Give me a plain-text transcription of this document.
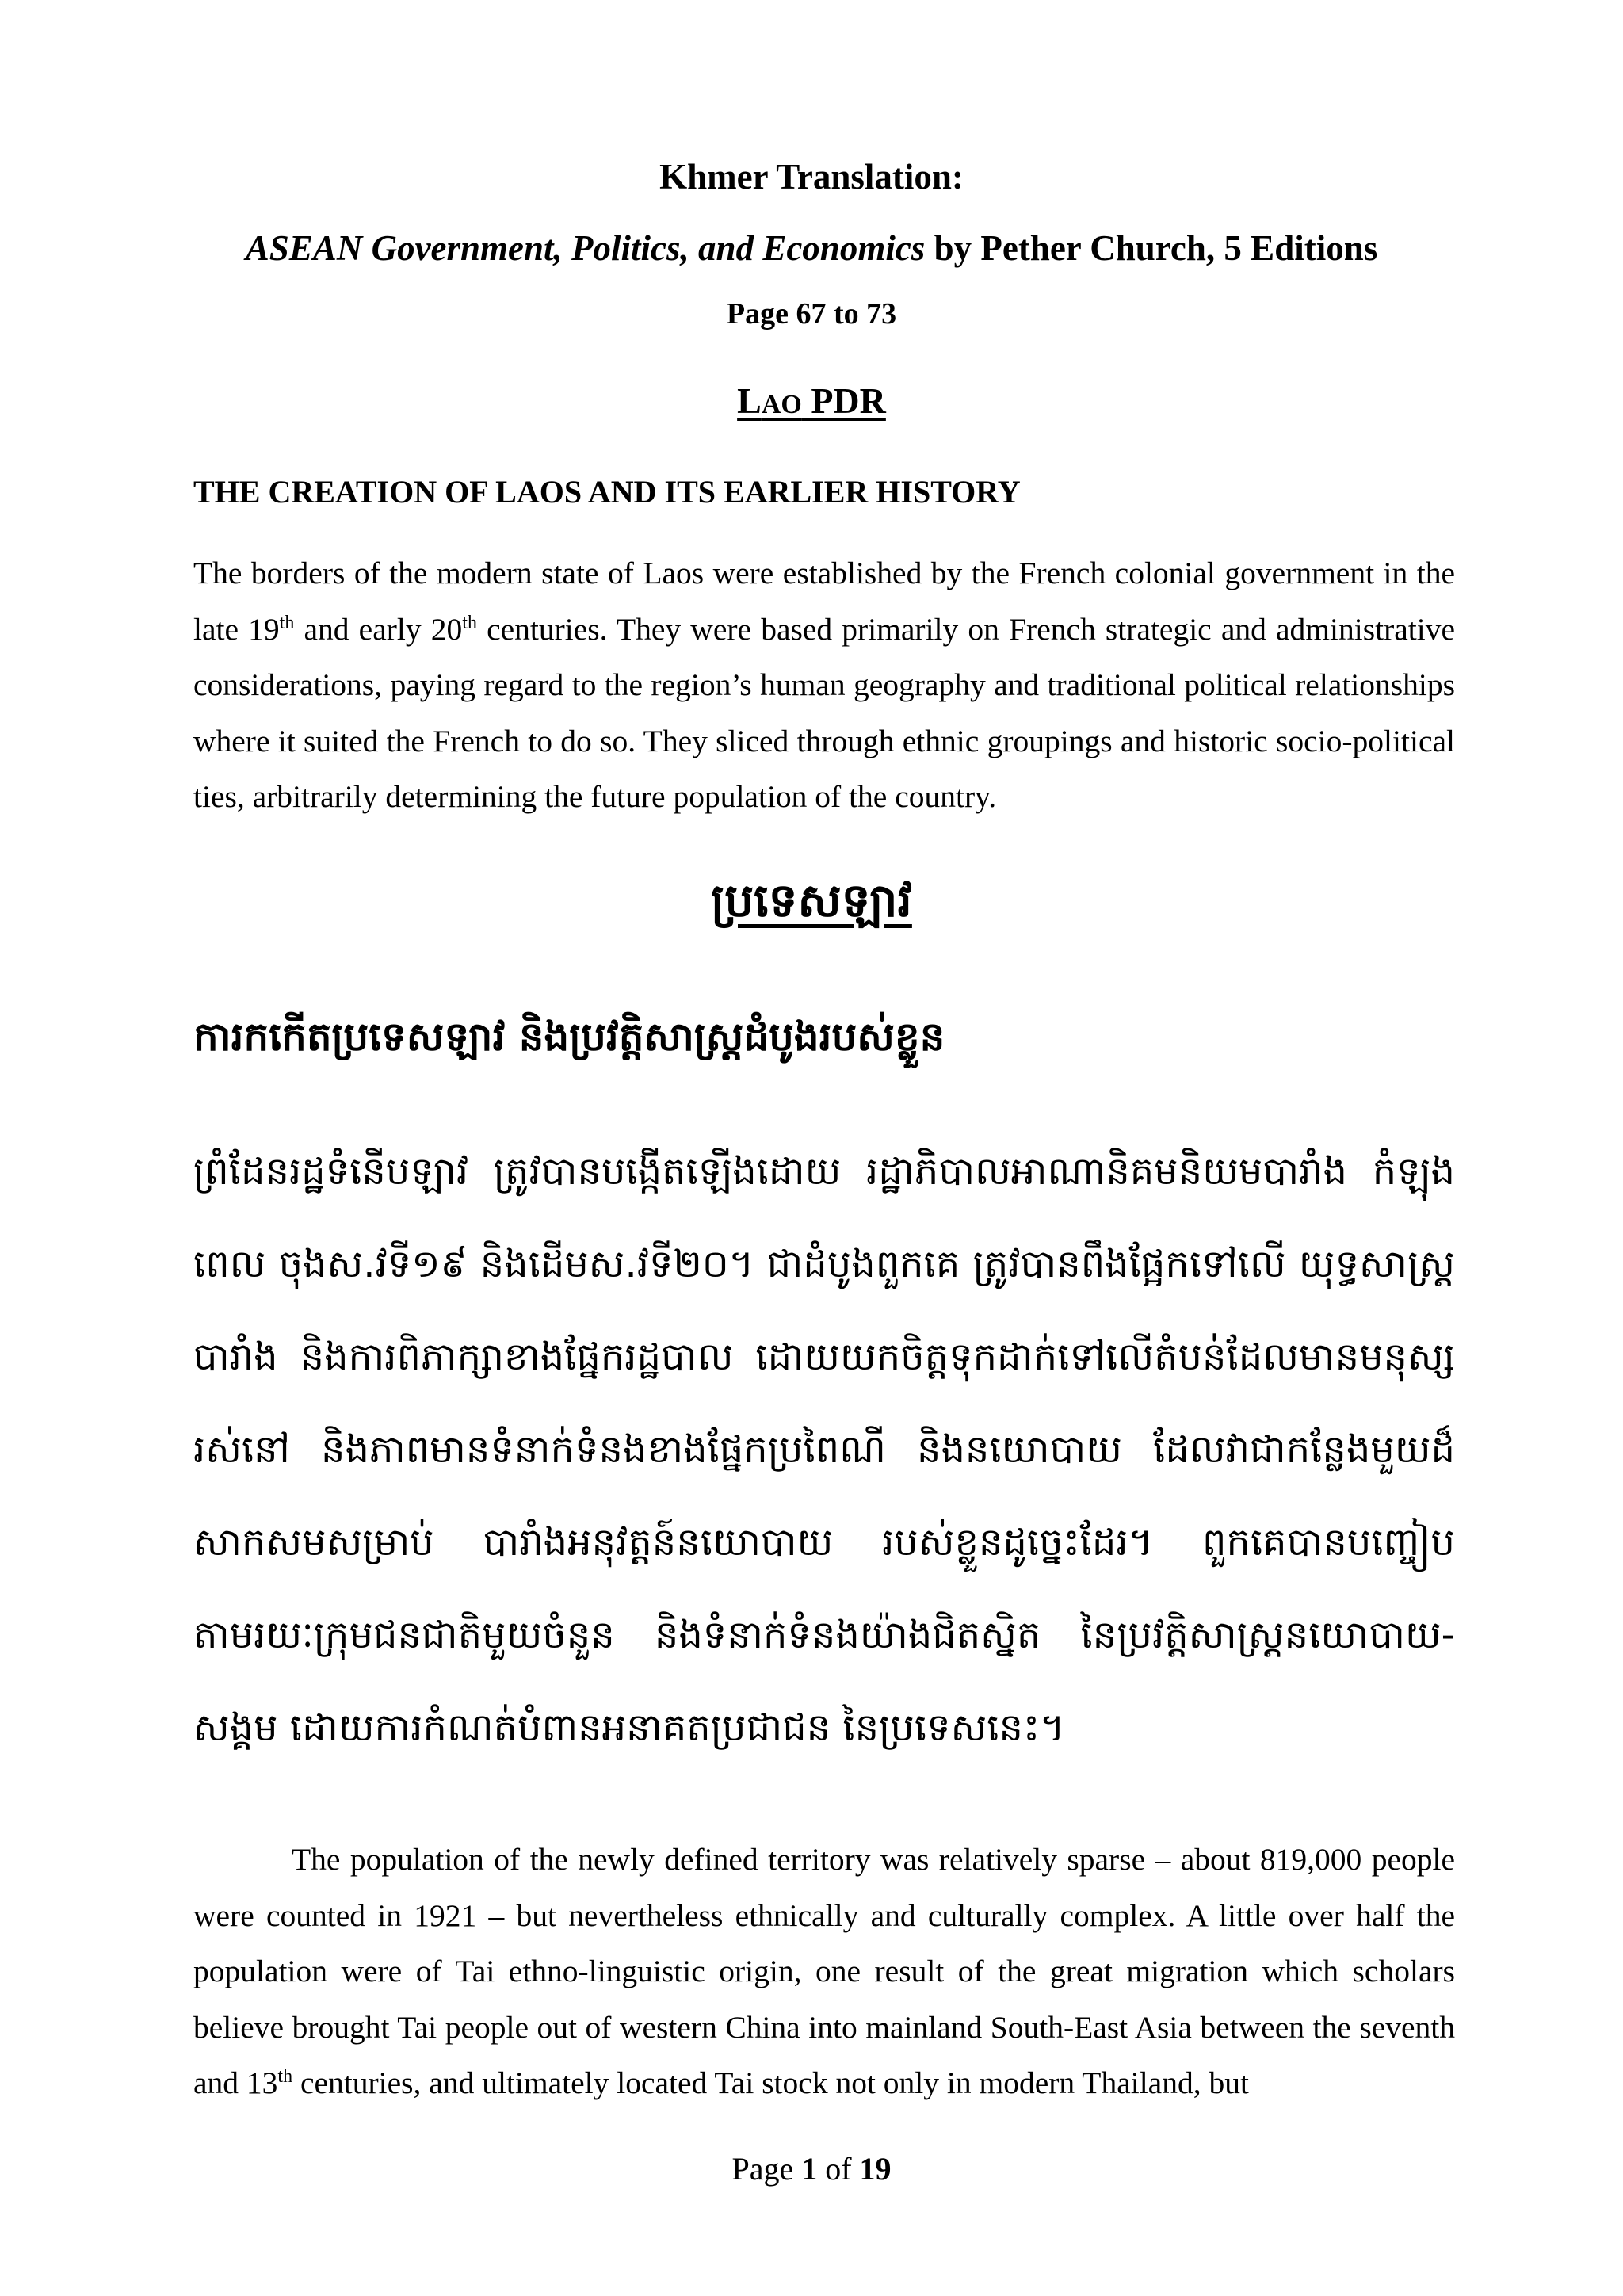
Khmer Translation:
ASEAN Government, Politics, and Economics by Pether Church, 5 Editions
Page 67 to 73
LAO PDR
THE CREATION OF LAOS AND ITS EARLIER HISTORY

The borders of the modern state of Laos were established by the French colonial government in the late 19th and early 20th centuries. They were based primarily on French strategic and administrative considerations, paying regard to the region’s human geography and traditional political relationships where it suited the French to do so. They sliced through ethnic groupings and historic socio-political ties, arbitrarily determining the future population of the country.

ប្រទេសឡាវ
ការកកើតប្រទេសឡាវ និងប្រវត្តិសាស្រ្តដំបូងរបស់ខ្លួន

ព្រំដែនរដ្ឋទំនើបឡាវ ត្រូវបានបង្កើតឡើងដោយ រដ្ឋាភិបាលអាណានិគមនិយមបារាំង កំឡុងពេល ចុងស.វទី១៩ និងដើមស.វទី២០។ ជាដំបូងពួកគេ ត្រូវបានពឹងផ្អែកទៅលើ យុទ្ធសាស្រ្តបារាំង និងការពិភាក្សាខាងផ្នែករដ្ឋបាល ដោយយកចិត្តទុកដាក់ទៅលើតំបន់ដែលមានមនុស្សរស់នៅ និងភាពមានទំនាក់ទំនងខាងផ្នែកប្រពៃណី និងនយោបាយ ដែលវាជាកន្លែងមួយដ៏សាកសមសម្រាប់ បារាំងអនុវត្តន៍នយោបាយ របស់ខ្លួនដូច្នេះដែរ។ ពួកគេបានបញ្ចៀបតាមរយៈក្រុមជនជាតិមួយចំនួន និងទំនាក់ទំនងយ៉ាងជិតស្និត នៃប្រវត្តិសាស្រ្តនយោបាយ-សង្គម ដោយការកំណត់បំពានអនាគតប្រជាជន នៃប្រទេសនេះ។

The population of the newly defined territory was relatively sparse – about 819,000 people were counted in 1921 – but nevertheless ethnically and culturally complex. A little over half the population were of Tai ethno-linguistic origin, one result of the great migration which scholars believe brought Tai people out of western China into mainland South-East Asia between the seventh and 13th centuries, and ultimately located Tai stock not only in modern Thailand, but

Page 1 of 19
